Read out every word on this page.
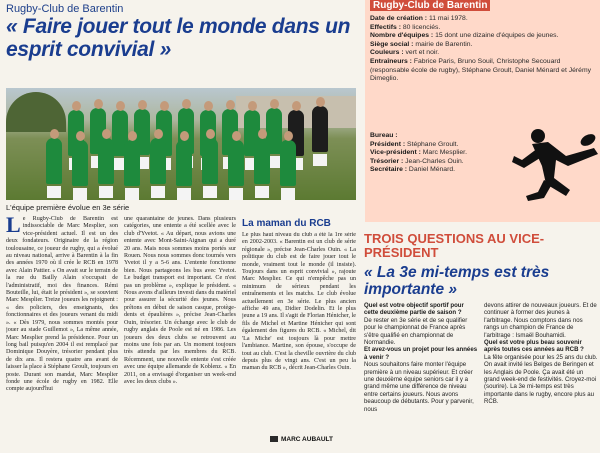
Rugby-Club de Barentin
« Faire jouer tout le monde dans un esprit convivial »
L'équipe première évolue en 3e série
Le Rugby-Club de Barentin est indissociable de Marc Mesplier, son vice-président actuel. Il est un des deux fondateurs. Originaire de la région toulousaine, ce joueur de rugby, qui a évolué au niveau national, arrive à Barentin à la fin des années 1970 où il crée le RCB en 1978 avec Alain Pattier. « On avait sur le terrain de la rue du Bailly Alain s'occupait de l'administratif, moi des finances. Rémi Bouteille, lui, était le président », se souvient Marc Mesplier. Treize joueurs les rejoignent : « des policiers, des enseignants, des fonctionnaires et des joueurs venant du midi ». « Dès 1979, nous sommes montés pour jouer au stade Guillemot », La même année, Marc Mesplier prend la présidence. Pour un long bail puisqu'en 2004 il est remplacé par Dominique Douyère, trésorier pendant plus de dix ans. Il restera quatre ans avant de laisser la place à Stéphane Groult, toujours en poste. Durant son mandat, Marc Mesplier fonde une école de rugby en 1982. Elle compte aujourd'hui
une quarantaine de jeunes. Dans plusieurs catégories, une entente a été scellée avec le club d'Yvetot. « Au départ, nous avions une entente avec Mont-Saint-Aignan qui a duré 20 ans. Mais nous sommes moins portés sur Rouen. Nous nous sommes donc tournés vers Yvetot il y a 5-6 ans. L'entente fonctionne bien. Nous partageons les bus avec Yvetot. Le budget transport est important. Ce n'est pas un problème », explique le président. « Nous avons d'ailleurs investi dans du matériel pour assurer la sécurité des jeunes. Nous prêtons en début de saison casque, protège-dents et épaulières », précise Jean-Charles Ouin, trésorier. Un échange avec le club de rugby anglais de Poole est né en 1986. Les joueurs des deux clubs se retrouvent au moins une fois par an. Un moment toujours très attendu par les membres du RCB. Récemment, une nouvelle entente s'est créée avec une équipe allemande de Koblenz. « En 2011, on a envisagé d'organiser un week-end avec les deux clubs ».
La maman du RCB
Le plus haut niveau du club a été la 1re série en 2002-2003. « Barentin est un club de série régionale », précise Jean-Charles Ouin. « La politique du club est de faire jouer tout le monde, vraiment tout le monde (il insiste). Toujours dans un esprit convivial », rajoute Marc Mesplier. Ce qui n'empêche pas un minimum de sérieux pendant les entraînements et les matchs. Le club évolue actuellement en 3e série. Le plus ancien affiche 49 ans, Didier Dodelin. Et le plus jeune a 19 ans. Il s'agit de Florian Hénicher, le fils de Michel et Martine Hénicher qui sont également des figures du RCB. « Michel, dit 'La Miche' est toujours là pour mettre l'ambiance. Martine, son épouse, s'occupe de tout au club. C'est la cheville ouvrière du club depuis plus de vingt ans. C'est un peu la maman du RCB », décrit Jean-Charles Ouin.
MARC AUBAULT
Rugby-Club de Barentin
Date de création : 11 mai 1978.
Effectifs : 80 licenciés.
Nombre d'équipes : 15 dont une dizaine d'équipes de jeunes.
Siège social : mairie de Barentin.
Couleurs : vert et noir.
Entraîneurs : Fabrice Paris, Bruno Souil, Christophe Secouard (responsable école de rugby), Stéphane Groult, Daniel Ménard et Jérémy Dimeglio.
Bureau :
Président : Stéphane Groult.
Vice-président : Marc Mesplier.
Trésorier : Jean-Charles Ouin.
Secrétaire : Daniel Ménard.
TROIS QUESTIONS AU VICE-PRÉSIDENT
« La 3e mi-temps est très importante »
Quel est votre objectif sportif pour cette deuxième partie de saison ?
De rester en 3e série et de se qualifier pour le championnat de France après s'être qualifié en championnat de Normandie.
Et avez-vous un projet pour les années à venir ?
Nous souhaitons faire monter l'équipe première à un niveau supérieur. Et créer une deuxième équipe seniors car il y a grand même une différence de niveau entre certains joueurs. Nous avons beaucoup de débutants. Pour y parvenir, nous
devons attirer de nouveaux joueurs. Et de continuer à former des jeunes à l'arbitrage. Nous comptons dans nos rangs un champion de France de l'arbitrage : Ismaël Bouhamidi.
Quel est votre plus beau souvenir après toutes ces années au RCB ?
La fête organisée pour les 25 ans du club. On avait invité les Belges de Beringen et les Anglais de Poole. Ça avait été un grand week-end de festivités. Croyez-moi (sourire). La 3e mi-temps est très importante dans le rugby, encore plus au RCB.
